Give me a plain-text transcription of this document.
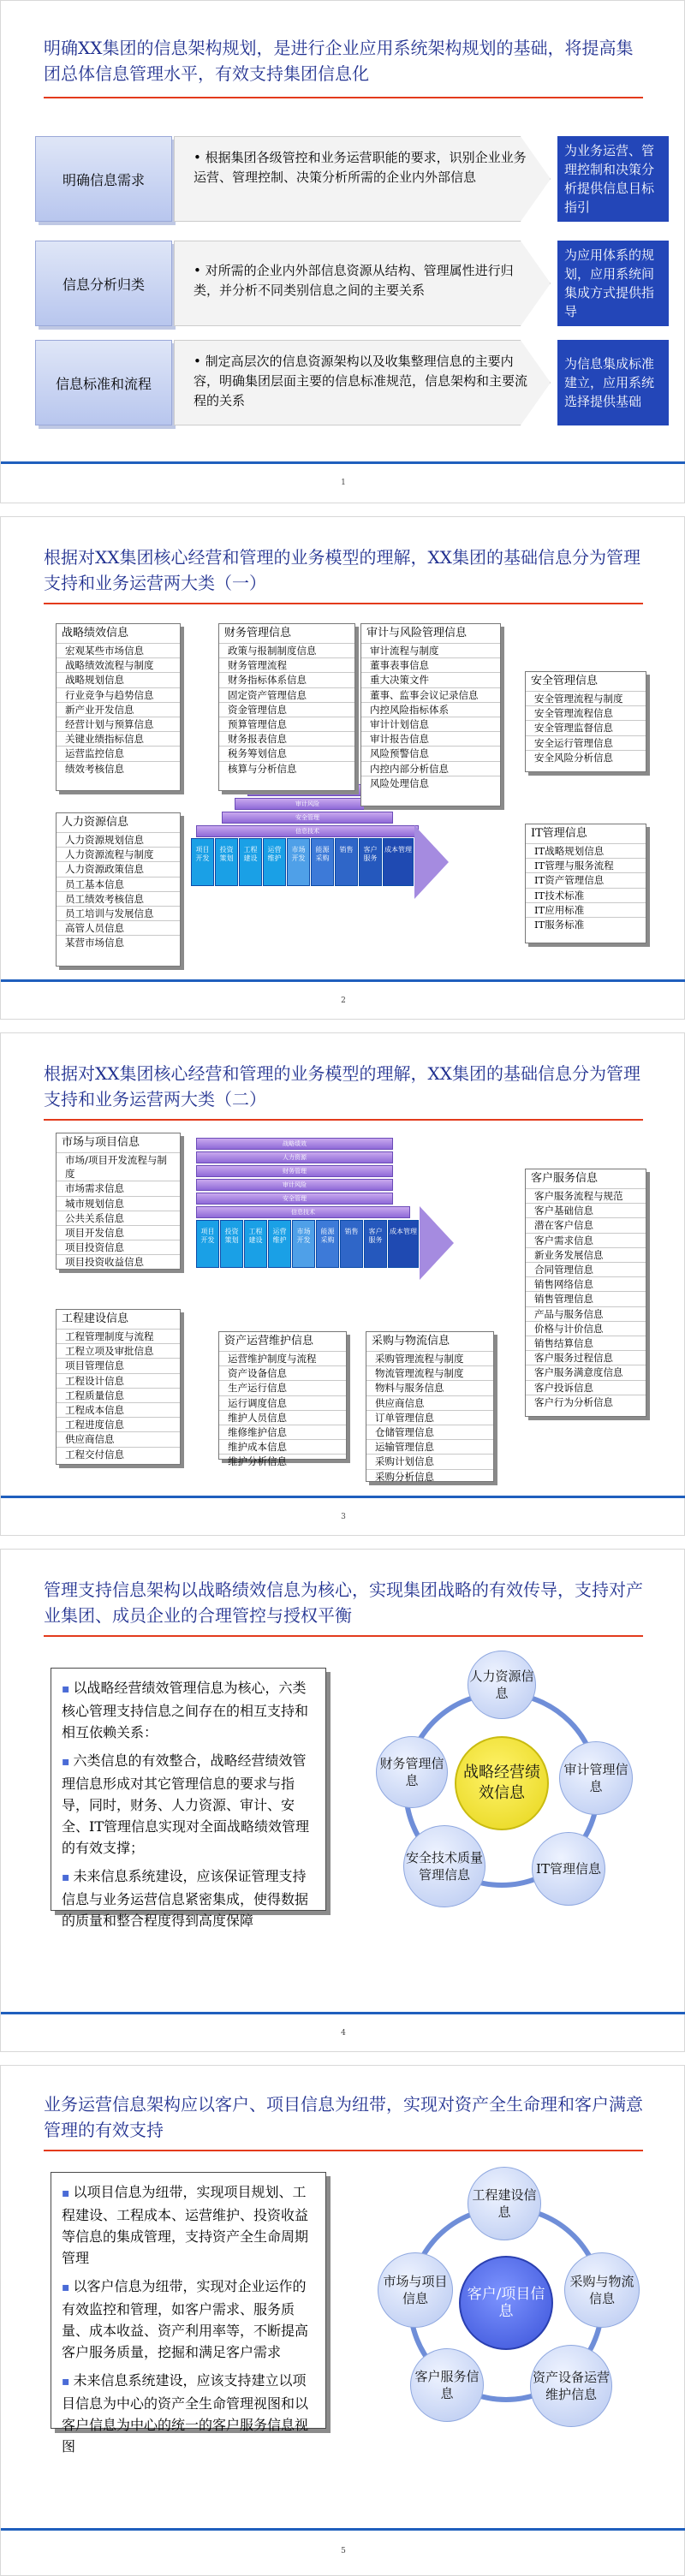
明确XX集团的信息架构规划，是进行企业应用系统架构规划的基础，将提高集团总体信息管理水平，有效支持集团信息化
明确信息需求
• 根据集团各级管控和业务运营职能的要求，识别企业业务运营、管理控制、决策分析所需的企业内外部信息
为业务运营、管理控制和决策分析提供信息目标指引
信息分析归类
• 对所需的企业内外部信息资源从结构、管理属性进行归类，并分析不同类别信息之间的主要关系
为应用体系的规划，应用系统间集成方式提供指导
信息标准和流程
• 制定高层次的信息资源架构以及收集整理信息的主要内容，明确集团层面主要的信息标准规范，信息架构和主要流程的关系
为信息集成标准建立，应用系统选择提供基础
1
根据对XX集团核心经营和管理的业务模型的理解，XX集团的基础信息分为管理支持和业务运营两大类（一）
审计风险
安全管理
信息技术
项目开发
投资策划
工程建设
运营维护
市场开发
能源采购
销售	客户服务
成本管理
战略绩效信息
宏观某些市场信息
战略绩效流程与制度
战略规划信息
行业竞争与趋势信息
新产业开发信息
经营计划与预算信息
关键业绩指标信息
运营监控信息
绩效考核信息
财务管理信息
政策与报制制度信息
财务管理流程
财务指标体系信息
固定资产管理信息
资金管理信息
预算管理信息
财务报表信息
税务筹划信息
核算与分析信息
审计与风险管理信息
审计流程与制度
董事表事信息
重大决策文件
董事、监事会议记录信息
内控风险指标体系
审计计划信息
审计报告信息
风险预警信息
内控内部分析信息
风险处理信息
安全管理信息
安全管理流程与制度
安全管理流程信息
安全管理监督信息
安全运行管理信息
安全风险分析信息
人力资源信息
人力资源规划信息
人力资源流程与制度
人力资源政策信息
员工基本信息
员工绩效考核信息
员工培训与发展信息
高管人员信息
某营市场信息
IT管理信息
IT战略规划信息
IT管理与服务流程
IT资产管理信息
IT技术标准
IT应用标准
IT服务标准
2
根据对XX集团核心经营和管理的业务模型的理解，XX集团的基础信息分为管理支持和业务运营两大类（二）
战略绩效
人力资源
财务管理
审计风险
安全管理
信息技术
项目开发
投资策划
工程建设
运营维护
市场开发
能源采购
销售	客户服务
成本管理
市场与项目信息
市场/项目开发流程与制度
市场需求信息
城市规划信息
公共关系信息
项目开发信息
项目投资信息
项目投资收益信息
客户服务信息
客户服务流程与规范
客户基础信息
潜在客户信息
客户需求信息
新业务发展信息
合同管理信息
销售网络信息
销售管理信息
产品与服务信息
价格与计价信息
销售结算信息
客户服务过程信息
客户服务满意度信息
客户投诉信息
客户行为分析信息
工程建设信息
工程管理制度与流程
工程立项及审批信息
项目管理信息
工程设计信息
工程质量信息
工程成本信息
工程进度信息
供应商信息
工程交付信息
资产运营维护信息
运营维护制度与流程
资产设备信息
生产运行信息
运行调度信息
维护人员信息
维修维护信息
维护成本信息
维护分析信息
采购与物流信息
采购管理流程与制度
物流管理流程与制度
物料与服务信息
供应商信息
订单管理信息
仓储管理信息
运输管理信息
采购计划信息
采购分析信息
3
管理支持信息架构以战略绩效信息为核心，实现集团战略的有效传导，支持对产业集团、成员企业的合理管控与授权平衡

▪ 以战略经营绩效管理信息为核心，六类核心管理支持信息之间存在的相互支持和相互依赖关系：

▪ 六类信息的有效整合，战略经营绩效管理信息形成对其它管理信息的要求与指导，同时，财务、人力资源、审计、安全、IT管理信息实现对全面战略绩效管理的有效支撑；

▪ 未来信息系统建设，应该保证管理支持信息与业务运营信息紧密集成，使得数据的质量和整合程度得到高度保障

战略经营绩效信息
人力资源信息
审计管理信息
IT管理信息
安全技术质量管理信息
财务管理信息
4
业务运营信息架构应以客户、项目信息为纽带，实现对资产全生命理和客户满意管理的有效支持

▪ 以项目信息为纽带，实现项目规划、工程建设、工程成本、运营维护、投资收益等信息的集成管理，支持资产全生命周期管理

▪ 以客户信息为纽带，实现对企业运作的有效监控和管理，如客户需求、服务质量、成本收益、资产利用率等，不断提高客户服务质量，挖掘和满足客户需求

▪ 未来信息系统建设，应该支持建立以项目信息为中心的资产全生命管理视图和以客户信息为中心的统一的客户服务信息视图

客户/项目信息
工程建设信息
采购与物流信息
资产设备运营维护信息
客户服务信息
市场与项目信息
5
